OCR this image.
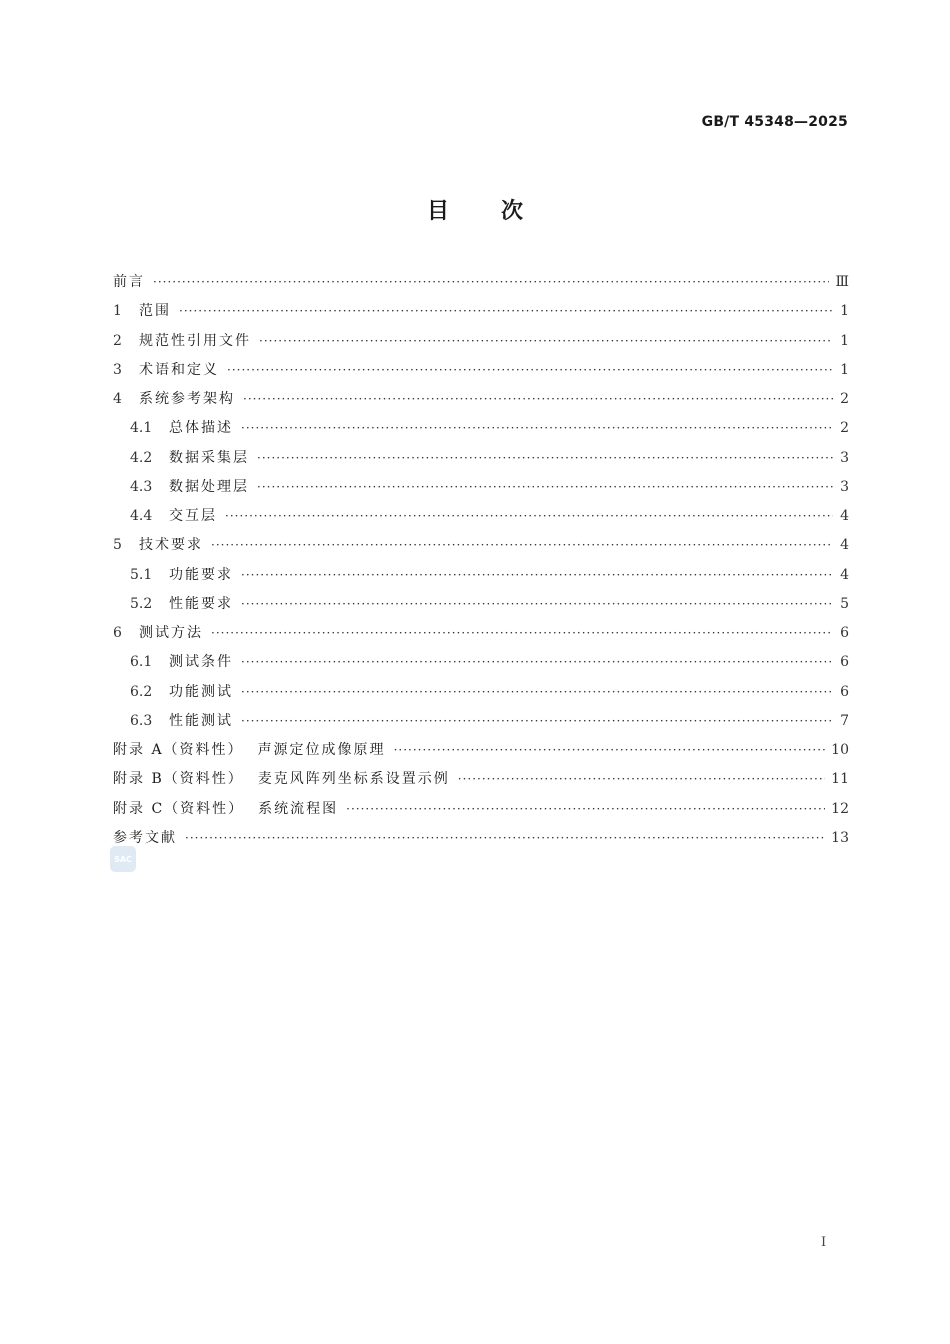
GB/T 45348—2025
目 次
前言 ·····	Ⅲ
1	范围 ·····	1
2	规范性引用文件 ·····	1
3	术语和定义 ·····	1
4	系统参考架构 ·····	2
4.1	总体描述 ·····	2
4.2	数据采集层 ·····	3
4.3	数据处理层 ·····	3
4.4	交互层 ·····	4
5	技术要求 ·····	4
5.1	功能要求 ·····	4
5.2	性能要求 ·····	5
6	测试方法 ·····	6
6.1	测试条件 ·····	6
6.2	功能测试 ·····	6
6.3	性能测试 ·····	7
附录 A（资料性） 声源定位成像原理 ·····	10
附录 B（资料性） 麦克风阵列坐标系设置示例 ·····	11
附录 C（资料性） 系统流程图 ·····	12
参考文献 ·····	13
SAC
I
